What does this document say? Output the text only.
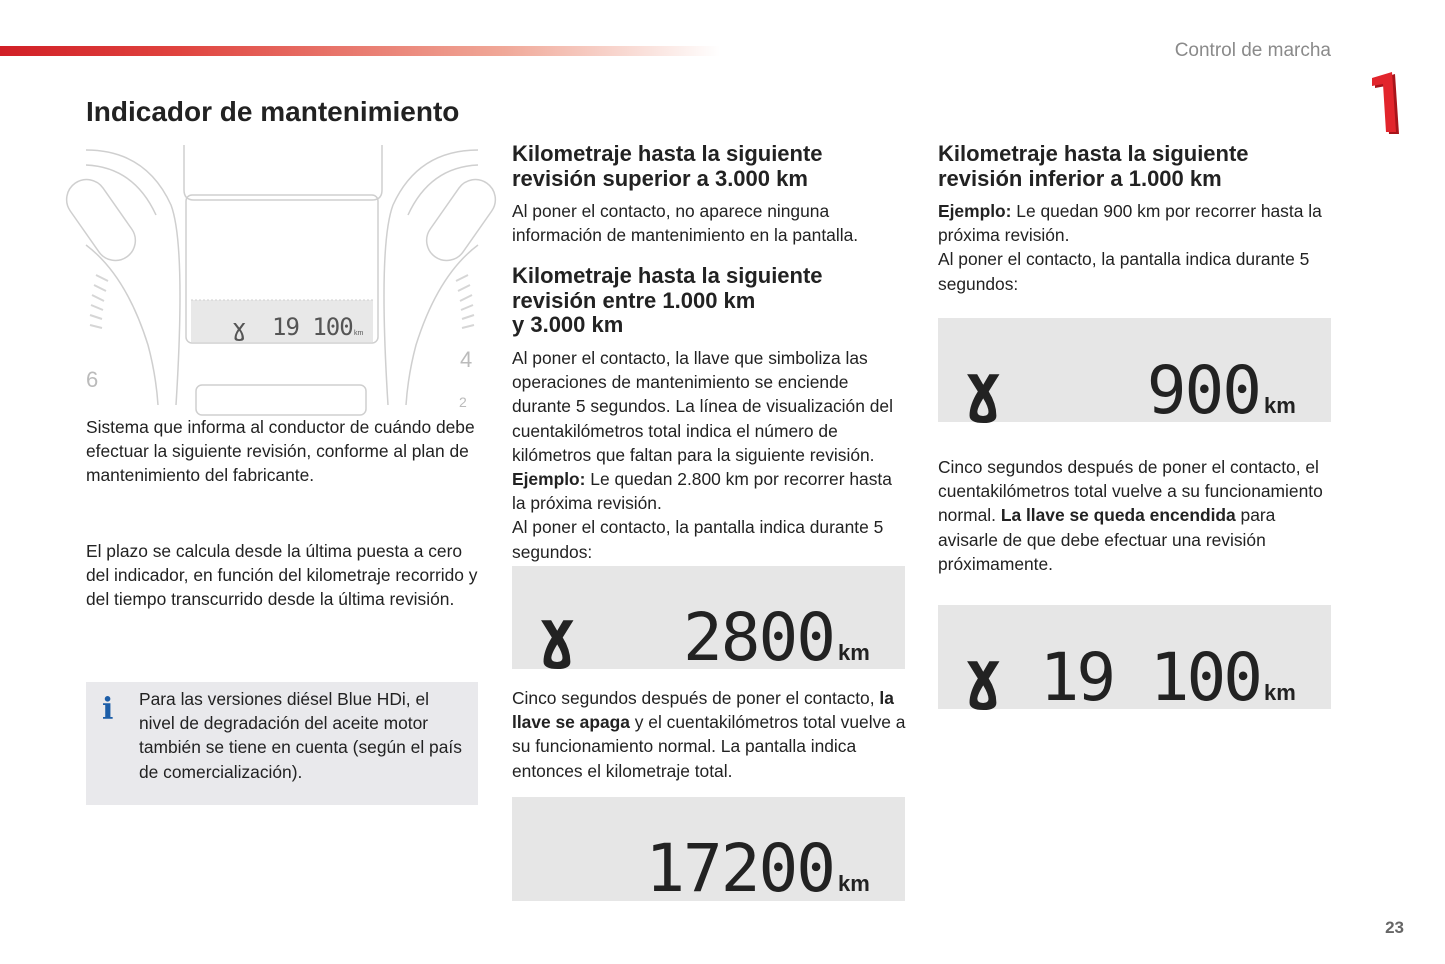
Control de marcha
1
Indicador de mantenimiento
ɣ 19 100 km
6
4
2

Sistema que informa al conductor de cuándo debe efectuar la siguiente revisión, conforme al plan de mantenimiento del fabricante.

El plazo se calcula desde la última puesta a cero del indicador, en función del kilometraje recorrido y del tiempo transcurrido desde la última revisión.

i Para las versiones diésel Blue HDi, el nivel de degradación del aceite motor también se tiene en cuenta (según el país de comercialización).

Kilometraje hasta la siguiente
revisión superior a 3.000 km

Al poner el contacto, no aparece ninguna información de mantenimiento en la pantalla.

Kilometraje hasta la siguiente
revisión entre 1.000 km
y 3.000 km

Al poner el contacto, la llave que simboliza las operaciones de mantenimiento se enciende durante 5 segundos. La línea de visualización del cuentakilómetros total indica el número de kilómetros que faltan para la siguiente revisión. Ejemplo: Le quedan 2.800 km por recorrer hasta la próxima revisión.
Al poner el contacto, la pantalla indica durante 5 segundos:

ɣ 2800 km

Cinco segundos después de poner el contacto, la llave se apaga y el cuentakilómetros total vuelve a su funcionamiento normal. La pantalla indica entonces el kilometraje total.

17200 km
Kilometraje hasta la siguiente
revisión inferior a 1.000 km

Ejemplo: Le quedan 900 km por recorrer hasta la próxima revisión.
Al poner el contacto, la pantalla indica durante 5 segundos:

ɣ 900 km

Cinco segundos después de poner el contacto, el cuentakilómetros total vuelve a su funcionamiento normal. La llave se queda encendida para avisarle de que debe efectuar una revisión próximamente.

ɣ 19 100 km
23
